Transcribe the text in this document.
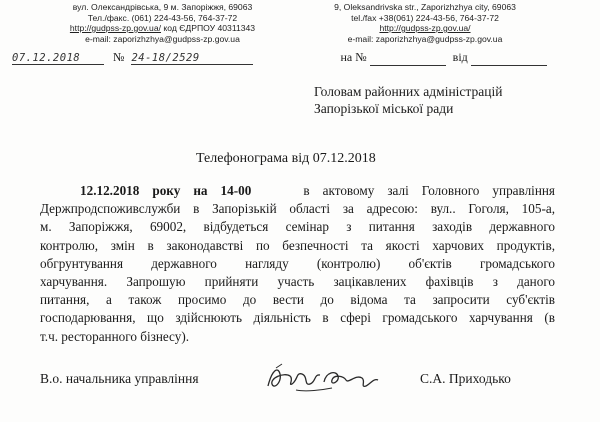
вул. Олександрівська, 9 м. Запоріжжя, 69063
Тел./факс. (061) 224-43-56, 764-37-72
http://gudpss-zp.gov.ua/ код ЄДРПОУ 40311343
e-mail: zaporizhzhya@gudpss-zp.gov.ua
9, Oleksandrivska str., Zaporizhzhya city, 69063
tel./fax +38(061) 224-43-56, 764-37-72
http://gudpss-zp.gov.ua/
e-mail: zaporizhzhya@gudpss-zp.gov.ua
07.12.2018	№ 24-18/2529	на №	від
Головам районних адміністрацій
Запорізької міської ради
Телефонограма від 07.12.2018
12.12.2018 року на 14-00	в актовому залі Головного управління
Держпродспоживслужби в Запорізькій області за адресою: вул.. Гоголя, 105-а,
м. Запоріжжя, 69002, відбудеться семінар з питання заходів державного
контролю, змін в законодавстві по безпечності та якості харчових продуктів,
обгрунтування державного нагляду (контролю) об'єктів громадського
харчування. Запрошую прийняти участь зацікавлених фахівців з даного
питання, а також просимо до вести до відома та запросити суб'єктів
господарювання, що здійснюють діяльність в сфері громадського харчування (в
т.ч. ресторанного бізнесу).
В.о. начальника управління	С.А. Приходько
